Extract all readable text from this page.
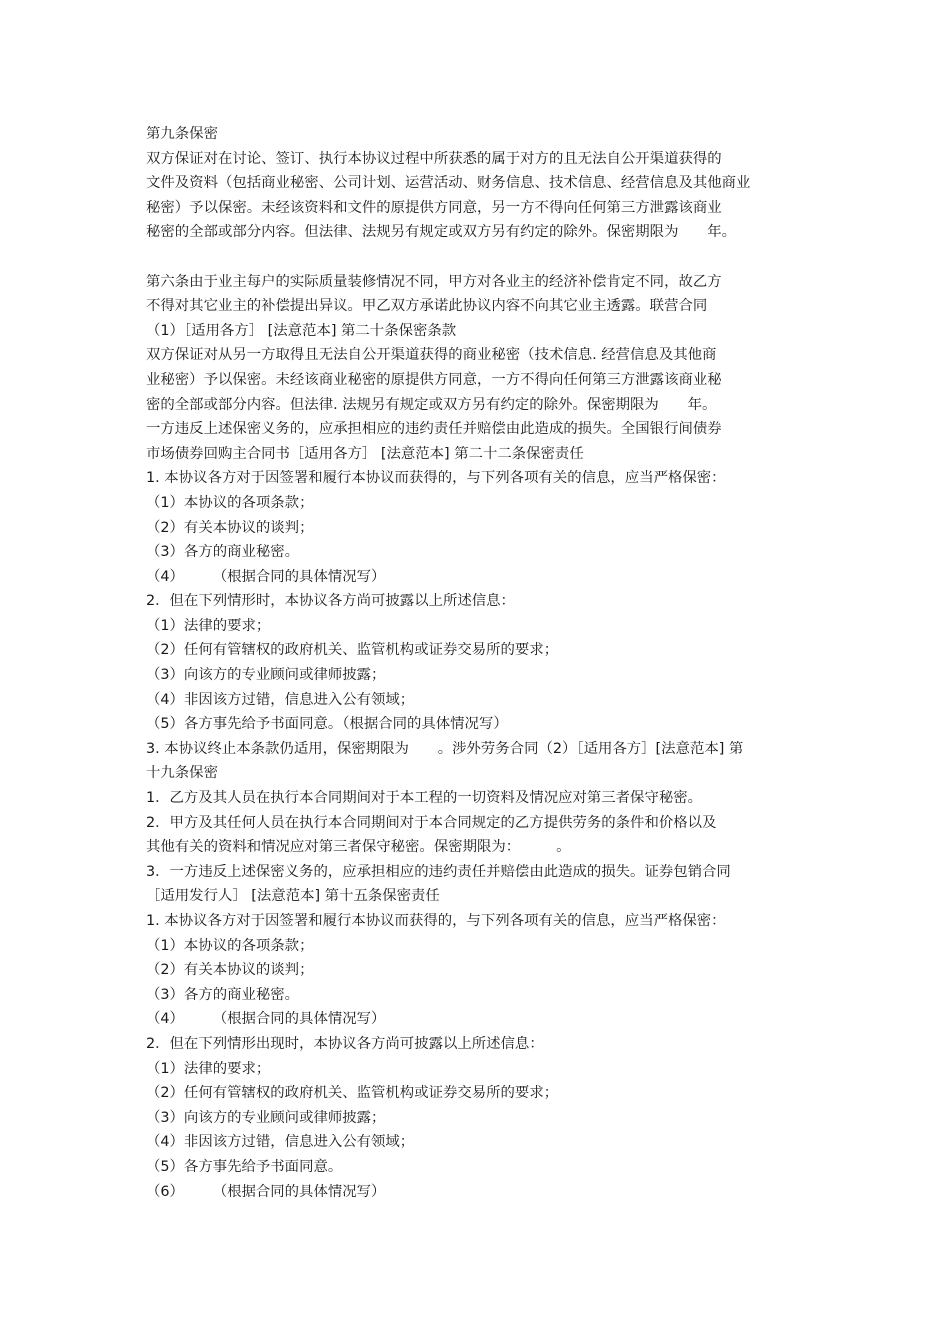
第九条保密
双方保证对在讨论、签订、执行本协议过程中所获悉的属于对方的且无法自公开渠道获得的
文件及资料（包括商业秘密、公司计划、运营活动、财务信息、技术信息、经营信息及其他商业
秘密）予以保密。未经该资料和文件的原提供方同意，另一方不得向任何第三方泄露该商业
秘密的全部或部分内容。但法律、法规另有规定或双方另有约定的除外。保密期限为　　年。
第六条由于业主每户的实际质量装修情况不同，甲方对各业主的经济补偿肯定不同，故乙方
不得对其它业主的补偿提出异议。甲乙双方承诺此协议内容不向其它业主透露。联营合同
（1）［适用各方］ [法意范本] 第二十条保密条款
双方保证对从另一方取得且无法自公开渠道获得的商业秘密（技术信息. 经营信息及其他商
业秘密）予以保密。未经该商业秘密的原提供方同意，一方不得向任何第三方泄露该商业秘
密的全部或部分内容。但法律. 法规另有规定或双方另有约定的除外。保密期限为　　年。
一方违反上述保密义务的，应承担相应的违约责任并赔偿由此造成的损失。全国银行间债券
市场债券回购主合同书［适用各方］ [法意范本] 第二十二条保密责任
1. 本协议各方对于因签署和履行本协议而获得的，与下列各项有关的信息，应当严格保密：
（1）本协议的各项条款；
（2）有关本协议的谈判；
（3）各方的商业秘密。
（4）　　　（根据合同的具体情况写）
2．但在下列情形时，本协议各方尚可披露以上所述信息：
（1）法律的要求；
（2）任何有管辖权的政府机关、监管机构或证券交易所的要求；
（3）向该方的专业顾问或律师披露；
（4）非因该方过错，信息进入公有领域；
（5）各方事先给予书面同意。（根据合同的具体情况写）
3. 本协议终止本条款仍适用，保密期限为　　。涉外劳务合同（2）［适用各方］[法意范本] 第
十九条保密
1．乙方及其人员在执行本合同期间对于本工程的一切资料及情况应对第三者保守秘密。
2．甲方及其任何人员在执行本合同期间对于本合同规定的乙方提供劳务的条件和价格以及
其他有关的资料和情况应对第三者保守秘密。保密期限为：　　　。
3．一方违反上述保密义务的，应承担相应的违约责任并赔偿由此造成的损失。证券包销合同
［适用发行人］ [法意范本] 第十五条保密责任
1. 本协议各方对于因签署和履行本协议而获得的，与下列各项有关的信息，应当严格保密：
（1）本协议的各项条款；
（2）有关本协议的谈判；
（3）各方的商业秘密。
（4）　　　（根据合同的具体情况写）
2．但在下列情形出现时，本协议各方尚可披露以上所述信息：
（1）法律的要求；
（2）任何有管辖权的政府机关、监管机构或证券交易所的要求；
（3）向该方的专业顾问或律师披露；
（4）非因该方过错，信息进入公有领域；
（5）各方事先给予书面同意。
（6）　　　（根据合同的具体情况写）
